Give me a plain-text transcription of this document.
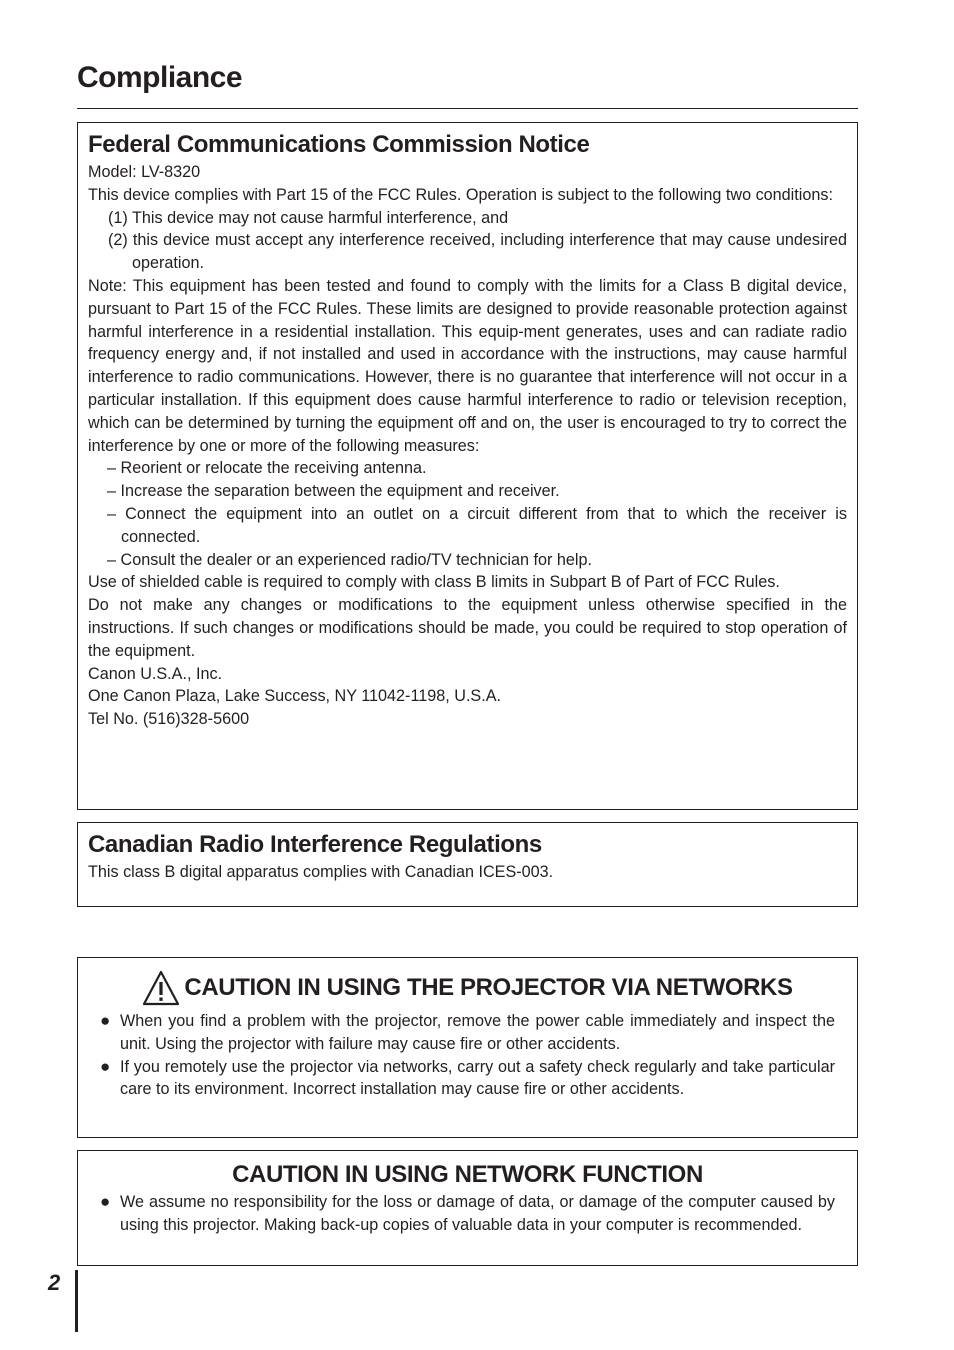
Compliance
Federal Communications Commission Notice

Model: LV-8320

This device complies with Part 15 of the FCC Rules. Operation is subject to the following two conditions:

(1) This device may not cause harmful interference, and

(2) this device must accept any interference received, including interference that may cause undesired operation.

Note: This equipment has been tested and found to comply with the limits for a Class B digital device, pursuant to Part 15 of the FCC Rules. These limits are designed to provide reasonable protection against harmful interference in a residential installation. This equip-ment generates, uses and can radiate radio frequency energy and, if not installed and used in accordance with the instructions, may cause harmful interference to radio communications. However, there is no guarantee that interference will not occur in a particular installation. If this equipment does cause harmful interference to radio or television reception, which can be determined by turning the equipment off and on, the user is encouraged to try to correct the interference by one or more of the following measures:

– Reorient or relocate the receiving antenna.

– Increase the separation between the equipment and receiver.

– Connect the equipment into an outlet on a circuit different from that to which the receiver is connected.

– Consult the dealer or an experienced radio/TV technician for help.

Use of shielded cable is required to comply with class B limits in Subpart B of Part of FCC Rules.

Do not make any changes or modifications to the equipment unless otherwise specified in the instructions. If such changes or modifications should be made, you could be required to stop operation of the equipment.

Canon U.S.A., Inc.

One Canon Plaza, Lake Success, NY 11042-1198, U.S.A.

Tel No. (516)328-5600

Canadian Radio Interference Regulations

This class B digital apparatus complies with Canadian ICES-003.

CAUTION IN USING THE PROJECTOR VIA NETWORKS
● When you find a problem with the projector, remove the power cable immediately and inspect the unit. Using the projector with failure may cause fire or other accidents.
● If you remotely use the projector via networks, carry out a safety check regularly and take particular care to its environment. Incorrect installation may cause fire or other accidents.
CAUTION IN USING NETWORK FUNCTION
● We assume no responsibility for the loss or damage of data, or damage of the computer caused by using this projector. Making back-up copies of valuable data in your computer is recommended.
2
